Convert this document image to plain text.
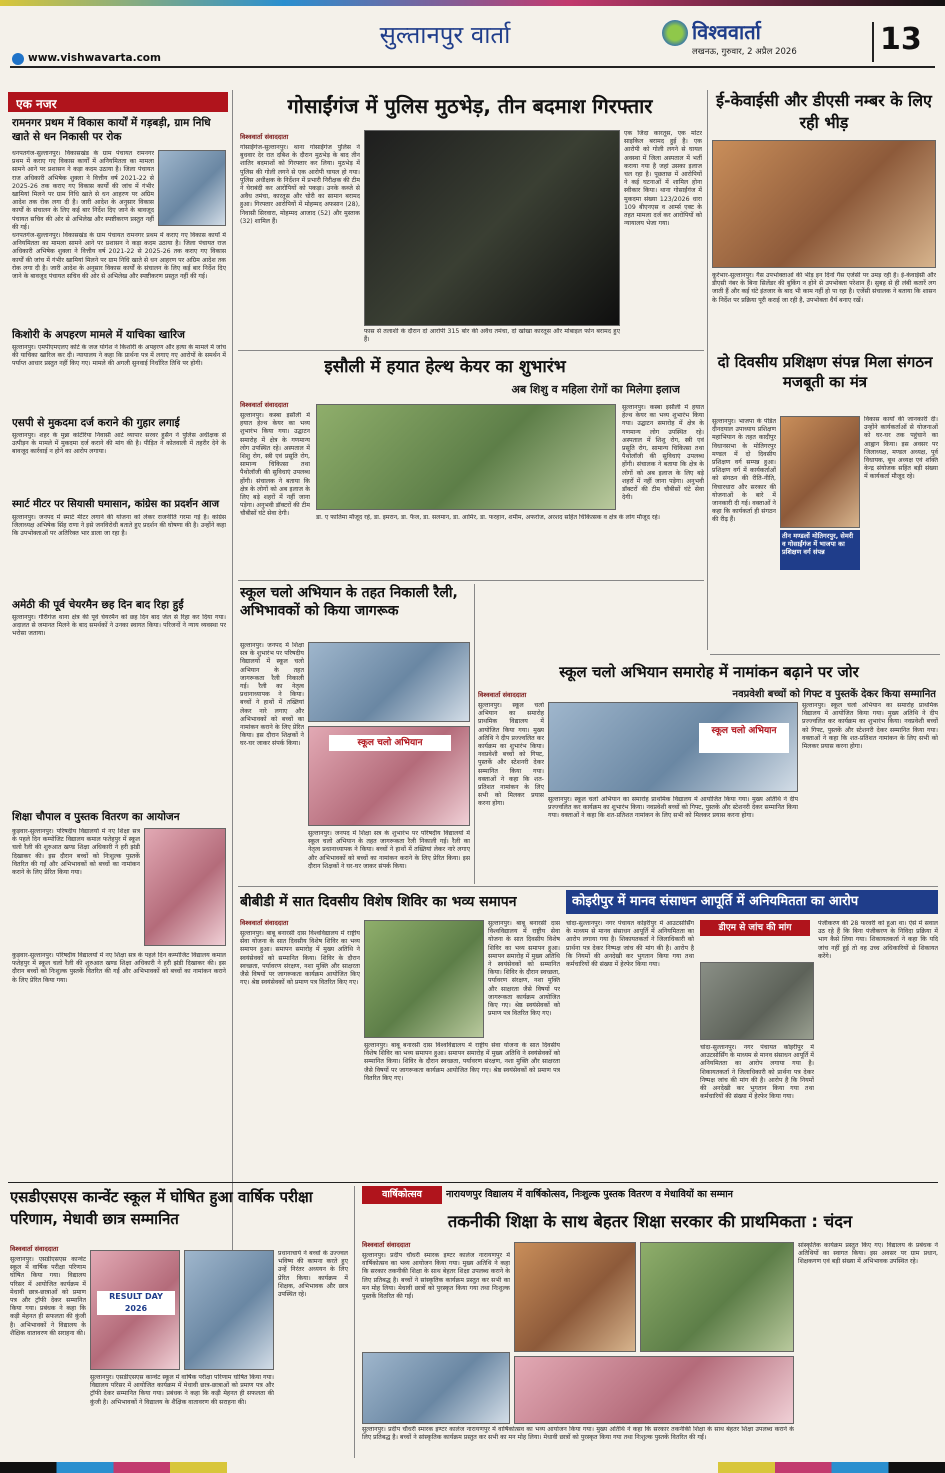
सुल्तानपुर वार्ता
www.vishwavarta.com
विश्ववार्ता
लखनऊ, गुरुवार, 2 अप्रैल 2026	13
एक नजर
रामनगर प्रथम में विकास कार्यों में गड़बड़ी, ग्राम निधि खाते से धन निकासी पर रोक
धनपतगंज-सुल्तानपुर। विकासखंड के ग्राम पंचायत रामनगर प्रथम में कराए गए विकास कार्यों में अनियमितता का मामला सामने आने पर प्रशासन ने कड़ा कदम उठाया है। जिला पंचायत राज अधिकारी अभिषेक शुक्ला ने वित्तीय वर्ष 2021-22 से 2025-26 तक कराए गए विकास कार्यों की जांच में गंभीर खामियां मिलने पर ग्राम निधि खाते से धन आहरण पर अग्रिम आदेश तक रोक लगा दी है। जारी आदेश के अनुसार विकास कार्यों के संचालन के लिए कई बार निर्देश दिए जाने के बावजूद पंचायत सचिव की ओर से अभिलेख और स्पष्टीकरण प्रस्तुत नहीं की गई।
धनपतगंज-सुल्तानपुर। विकासखंड के ग्राम पंचायत रामनगर प्रथम में कराए गए विकास कार्यों में अनियमितता का मामला सामने आने पर प्रशासन ने कड़ा कदम उठाया है। जिला पंचायत राज अधिकारी अभिषेक शुक्ला ने वित्तीय वर्ष 2021-22 से 2025-26 तक कराए गए विकास कार्यों की जांच में गंभीर खामियां मिलने पर ग्राम निधि खाते से धन आहरण पर अग्रिम आदेश तक रोक लगा दी है। जारी आदेश के अनुसार विकास कार्यों के संचालन के लिए कई बार निर्देश दिए जाने के बावजूद पंचायत सचिव की ओर से अभिलेख और स्पष्टीकरण प्रस्तुत नहीं की गई।
किशोरी के अपहरण मामले में याचिका खारिज
सुल्तानपुर। एमपीएमएलए कोर्ट के जज योगेश ने किशोरी के अपहरण और हत्या के मामले में जांच की याचिका खारिज कर दी। न्यायालय ने कहा कि प्रार्थना पत्र में लगाए गए आरोपों के समर्थन में पर्याप्त आधार प्रस्तुत नहीं किए गए। मामले की अगली सुनवाई निर्धारित तिथि पर होगी।
एसपी से मुकदमा दर्ज कराने की गुहार लगाई
सुल्तानपुर। शहर के मुन्ना कांटेरिया निवासी आटे व्यापार सरवर हुसैन ने पुलिस अधीक्षक से उत्पीड़न के मामले में मुकदमा दर्ज कराने की मांग की है। पीड़ित ने कोतवाली में तहरीर देने के बावजूद कार्रवाई न होने का आरोप लगाया।
स्मार्ट मीटर पर सियासी घमासान, कांग्रेस का प्रदर्शन आज
सुल्तानपुर। जनपद में स्मार्ट मीटर लगाने की योजना को लेकर राजनीति गरमा गई है। कांग्रेस जिलाध्यक्ष अभिषेक सिंह राणा ने इसे जनविरोधी बताते हुए प्रदर्शन की घोषणा की है। उन्होंने कहा कि उपभोक्ताओं पर अतिरिक्त भार डाला जा रहा है।
अमेठी की पूर्व चेयरमैन छह दिन बाद रिहा हुईं
सुल्तानपुर। गौरीगंज थाना क्षेत्र की पूर्व चेयरमैन को छह दिन बाद जेल से रिहा कर दिया गया। अदालत से जमानत मिलने के बाद समर्थकों ने उनका स्वागत किया। परिजनों ने न्याय व्यवस्था पर भरोसा जताया।
शिक्षा चौपाल व पुस्तक वितरण का आयोजन
कुड़वार-सुल्तानपुर। परिषदीय विद्यालयों में नए शिक्षा सत्र के पहले दिन कम्पोजिट विद्यालय कमाल फतेहपुर में स्कूल चलो रैली की शुरुआत खण्ड शिक्षा अधिकारी ने हरी झंडी दिखाकर की। इस दौरान बच्चों को निःशुल्क पुस्तकें वितरित की गईं और अभिभावकों को बच्चों का नामांकन कराने के लिए प्रेरित किया गया।
कुड़वार-सुल्तानपुर। परिषदीय विद्यालयों में नए शिक्षा सत्र के पहले दिन कम्पोजिट विद्यालय कमाल फतेहपुर में स्कूल चलो रैली की शुरुआत खण्ड शिक्षा अधिकारी ने हरी झंडी दिखाकर की। इस दौरान बच्चों को निःशुल्क पुस्तकें वितरित की गईं और अभिभावकों को बच्चों का नामांकन कराने के लिए प्रेरित किया गया।
गोसाईंगंज में पुलिस मुठभेड़, तीन बदमाश गिरफ्तार
विश्ववार्ता संवाददाता
गोसाईंगंज-सुल्तानपुर। थाना गोसाईंगंज पुलिस ने बुधवार देर रात दबिश के दौरान मुठभेड़ के बाद तीन शातिर बदमाशों को गिरफ्तार कर लिया। मुठभेड़ में पुलिस की गोली लगने से एक आरोपी घायल हो गया। पुलिस अधीक्षक के निर्देशन में प्रभारी निरीक्षक की टीम ने घेराबंदी कर आरोपियों को पकड़ा। उनके कब्जे से अवैध तमंचा, कारतूस और चोरी का सामान बरामद हुआ। गिरफ्तार आरोपियों में मोहम्मद अफसान (28), निवासी सिरवारा, मोहम्मद आजाद (52) और मुस्ताक (32) शामिल हैं।
एक जिंदा कारतूस, एक मोटर साइकिल बरामद हुई है। एक आरोपी को गोली लगने से घायल अवस्था में जिला अस्पताल में भर्ती कराया गया है जहां उसका इलाज चल रहा है। पूछताछ में आरोपियों ने कई घटनाओं में शामिल होना स्वीकार किया। थाना गोसाईंगंज में मुकदमा संख्या 123/2026 धारा 109 बीएनएस व आर्म्स एक्ट के तहत मामला दर्ज कर आरोपियों को न्यायालय भेजा गया।
फास से तलाशी के दौरान दो आरोपी 315 बोर की अवैध तमंचा, दो खोखा कारतूस और मोबाइल फोन बरामद हुए हैं।
ई-केवाईसी और डीएसी नम्बर के लिए रही भीड़
कूरेभार-सुल्तानपुर। गैस उपभोक्ताओं की भीड़ इन दिनों गैस एजेंसी पर उमड़ रही है। ई-केवाईसी और डीएसी नंबर के बिना सिलेंडर की बुकिंग न होने से उपभोक्ता परेशान हैं। सुबह से ही लंबी कतारें लग जाती हैं और कई घंटे इंतजार के बाद भी काम नहीं हो पा रहा है। एजेंसी संचालक ने बताया कि शासन के निर्देश पर प्रक्रिया पूरी कराई जा रही है, उपभोक्ता धैर्य बनाए रखें।
इसौली में हयात हेल्थ केयर का शुभारंभ
अब शिशु व महिला रोगों का मिलेगा इलाज
विश्ववार्ता संवाददाता
सुल्तानपुर। कस्बा इसौली में हयात हेल्थ केयर का भव्य शुभारंभ किया गया। उद्घाटन समारोह में क्षेत्र के गणमान्य लोग उपस्थित रहे। अस्पताल में शिशु रोग, स्त्री एवं प्रसूति रोग, सामान्य चिकित्सा तथा पैथोलॉजी की सुविधाएं उपलब्ध होंगी। संचालक ने बताया कि क्षेत्र के लोगों को अब इलाज के लिए बड़े शहरों में नहीं जाना पड़ेगा। अनुभवी डॉक्टरों की टीम चौबीसों घंटे सेवा देगी।
सुल्तानपुर। कस्बा इसौली में हयात हेल्थ केयर का भव्य शुभारंभ किया गया। उद्घाटन समारोह में क्षेत्र के गणमान्य लोग उपस्थित रहे। अस्पताल में शिशु रोग, स्त्री एवं प्रसूति रोग, सामान्य चिकित्सा तथा पैथोलॉजी की सुविधाएं उपलब्ध होंगी। संचालक ने बताया कि क्षेत्र के लोगों को अब इलाज के लिए बड़े शहरों में नहीं जाना पड़ेगा। अनुभवी डॉक्टरों की टीम चौबीसों घंटे सेवा देगी।
डा. ए फातिमा मौजूद रहे, डा. इमरान, डा. फैज, डा. सलमान, डा. आमिर, डा. फरहान, शमीम, अफरोज, अरशद सहित चिकित्सक व क्षेत्र के लोग मौजूद रहे।
दो दिवसीय प्रशिक्षण संपन्न मिला संगठन मजबूती का मंत्र
सुल्तानपुर। भाजपा के पंडित दीनदयाल उपाध्याय प्रशिक्षण महाभियान के तहत कादीपुर विधानसभा के मोतिगरपुर मण्डल में दो दिवसीय प्रशिक्षण वर्ग सम्पन्न हुआ। प्रशिक्षण वर्ग में कार्यकर्ताओं को संगठन की रीति-नीति, विचारधारा और सरकार की योजनाओं के बारे में जानकारी दी गई। वक्ताओं ने कहा कि कार्यकर्ता ही संगठन की रीढ़ हैं।
तीन मण्डलों मोतिगरपुर, सेमरी व गोसाईंगंज में भाजपा का प्रशिक्षण वर्ग संपन्न
विकास कार्यों की जानकारी दी। उन्होंने कार्यकर्ताओं से योजनाओं को घर-घर तक पहुंचाने का आह्वान किया। इस अवसर पर जिलाध्यक्ष, मण्डल अध्यक्ष, पूर्व विधायक, बूथ अध्यक्ष एवं शक्ति केन्द्र संयोजक सहित बड़ी संख्या में कार्यकर्ता मौजूद रहे।
स्कूल चलो अभियान के तहत निकाली रैली, अभिभावकों को किया जागरूक
सुल्तानपुर। जनपद में शिक्षा सत्र के शुभारंभ पर परिषदीय विद्यालयों में स्कूल चलो अभियान के तहत जागरूकता रैली निकाली गई। रैली का नेतृत्व प्रधानाध्यापक ने किया। बच्चों ने हाथों में तख्तियां लेकर नारे लगाए और अभिभावकों को बच्चों का नामांकन कराने के लिए प्रेरित किया। इस दौरान शिक्षकों ने घर-घर जाकर संपर्क किया।	स्कूल चलो अभियान
सुल्तानपुर। जनपद में शिक्षा सत्र के शुभारंभ पर परिषदीय विद्यालयों में स्कूल चलो अभियान के तहत जागरूकता रैली निकाली गई। रैली का नेतृत्व प्रधानाध्यापक ने किया। बच्चों ने हाथों में तख्तियां लेकर नारे लगाए और अभिभावकों को बच्चों का नामांकन कराने के लिए प्रेरित किया। इस दौरान शिक्षकों ने घर-घर जाकर संपर्क किया।
स्कूल चलो अभियान समारोह में नामांकन बढ़ाने पर जोर
नवप्रवेशी बच्चों को गिफ्ट व पुस्तकें देकर किया सम्मानित
विश्ववार्ता संवाददाता
सुल्तानपुर। स्कूल चलो अभियान का समारोह प्राथमिक विद्यालय में आयोजित किया गया। मुख्य अतिथि ने दीप प्रज्ज्वलित कर कार्यक्रम का शुभारंभ किया। नवप्रवेशी बच्चों को गिफ्ट, पुस्तकें और स्टेशनरी देकर सम्मानित किया गया। वक्ताओं ने कहा कि शत-प्रतिशत नामांकन के लिए सभी को मिलकर प्रयास करना होगा।
स्कूल चलो अभियान
सुल्तानपुर। स्कूल चलो अभियान का समारोह प्राथमिक विद्यालय में आयोजित किया गया। मुख्य अतिथि ने दीप प्रज्ज्वलित कर कार्यक्रम का शुभारंभ किया। नवप्रवेशी बच्चों को गिफ्ट, पुस्तकें और स्टेशनरी देकर सम्मानित किया गया। वक्ताओं ने कहा कि शत-प्रतिशत नामांकन के लिए सभी को मिलकर प्रयास करना होगा।
सुल्तानपुर। स्कूल चलो अभियान का समारोह प्राथमिक विद्यालय में आयोजित किया गया। मुख्य अतिथि ने दीप प्रज्ज्वलित कर कार्यक्रम का शुभारंभ किया। नवप्रवेशी बच्चों को गिफ्ट, पुस्तकें और स्टेशनरी देकर सम्मानित किया गया। वक्ताओं ने कहा कि शत-प्रतिशत नामांकन के लिए सभी को मिलकर प्रयास करना होगा।
बीबीडी में सात दिवसीय विशेष शिविर का भव्य समापन
विश्ववार्ता संवाददाता
सुल्तानपुर। बाबू बनारसी दास विश्वविद्यालय में राष्ट्रीय सेवा योजना के सात दिवसीय विशेष शिविर का भव्य समापन हुआ। समापन समारोह में मुख्य अतिथि ने स्वयंसेवकों को सम्मानित किया। शिविर के दौरान स्वच्छता, पर्यावरण संरक्षण, नशा मुक्ति और साक्षरता जैसे विषयों पर जागरूकता कार्यक्रम आयोजित किए गए। श्रेष्ठ स्वयंसेवकों को प्रमाण पत्र वितरित किए गए।
सुल्तानपुर। बाबू बनारसी दास विश्वविद्यालय में राष्ट्रीय सेवा योजना के सात दिवसीय विशेष शिविर का भव्य समापन हुआ। समापन समारोह में मुख्य अतिथि ने स्वयंसेवकों को सम्मानित किया। शिविर के दौरान स्वच्छता, पर्यावरण संरक्षण, नशा मुक्ति और साक्षरता जैसे विषयों पर जागरूकता कार्यक्रम आयोजित किए गए। श्रेष्ठ स्वयंसेवकों को प्रमाण पत्र वितरित किए गए।
सुल्तानपुर। बाबू बनारसी दास विश्वविद्यालय में राष्ट्रीय सेवा योजना के सात दिवसीय विशेष शिविर का भव्य समापन हुआ। समापन समारोह में मुख्य अतिथि ने स्वयंसेवकों को सम्मानित किया। शिविर के दौरान स्वच्छता, पर्यावरण संरक्षण, नशा मुक्ति और साक्षरता जैसे विषयों पर जागरूकता कार्यक्रम आयोजित किए गए। श्रेष्ठ स्वयंसेवकों को प्रमाण पत्र वितरित किए गए।
कोइरीपुर में मानव संसाधन आपूर्ति में अनियमितता का आरोप
चांदा-सुल्तानपुर। नगर पंचायत कोइरीपुर में आउटसोर्सिंग के माध्यम से मानव संसाधन आपूर्ति में अनियमितता का आरोप लगाया गया है। शिकायतकर्ता ने जिलाधिकारी को प्रार्थना पत्र देकर निष्पक्ष जांच की मांग की है। आरोप है कि नियमों की अनदेखी कर भुगतान किया गया तथा कर्मचारियों की संख्या में हेरफेर किया गया।
डीएम से जांच की मांग	पंजीकरण की 28 फरवरी को हुआ था। ऐसे में सवाल उठ रहे हैं कि बिना पंजीकरण के निविदा प्रक्रिया में भाग कैसे लिया गया। शिकायतकर्ता ने कहा कि यदि जांच नहीं हुई तो वह उच्च अधिकारियों से शिकायत करेंगे।
चांदा-सुल्तानपुर। नगर पंचायत कोइरीपुर में आउटसोर्सिंग के माध्यम से मानव संसाधन आपूर्ति में अनियमितता का आरोप लगाया गया है। शिकायतकर्ता ने जिलाधिकारी को प्रार्थना पत्र देकर निष्पक्ष जांच की मांग की है। आरोप है कि नियमों की अनदेखी कर भुगतान किया गया तथा कर्मचारियों की संख्या में हेरफेर किया गया।
एसडीएसएस कान्वेंट स्कूल में घोषित हुआ वार्षिक परीक्षा परिणाम, मेधावी छात्र सम्मानित
विश्ववार्ता संवाददाता
सुल्तानपुर। एसडीएसएस कान्वेंट स्कूल में वार्षिक परीक्षा परिणाम घोषित किया गया। विद्यालय परिसर में आयोजित कार्यक्रम में मेधावी छात्र-छात्राओं को प्रमाण पत्र और ट्रॉफी देकर सम्मानित किया गया। प्रबंधक ने कहा कि कड़ी मेहनत ही सफलता की कुंजी है। अभिभावकों ने विद्यालय के शैक्षिक वातावरण की सराहना की।
RESULT DAY 2026
प्रधानाचार्य ने बच्चों के उज्ज्वल भविष्य की कामना करते हुए उन्हें निरंतर अध्ययन के लिए प्रेरित किया। कार्यक्रम में शिक्षक, अभिभावक और छात्र उपस्थित रहे।
सुल्तानपुर। एसडीएसएस कान्वेंट स्कूल में वार्षिक परीक्षा परिणाम घोषित किया गया। विद्यालय परिसर में आयोजित कार्यक्रम में मेधावी छात्र-छात्राओं को प्रमाण पत्र और ट्रॉफी देकर सम्मानित किया गया। प्रबंधक ने कहा कि कड़ी मेहनत ही सफलता की कुंजी है। अभिभावकों ने विद्यालय के शैक्षिक वातावरण की सराहना की।
वार्षिकोत्सव	नारायणपुर विद्यालय में वार्षिकोत्सव, निःशुल्क पुस्तक वितरण व मेधावियों का सम्मान
तकनीकी शिक्षा के साथ बेहतर शिक्षा सरकार की प्राथमिकता : चंदन
विश्ववार्ता संवाददाता
सुल्तानपुर। प्रदीप चौधरी स्मारक इण्टर कालेज नारायणपुर में वार्षिकोत्सव का भव्य आयोजन किया गया। मुख्य अतिथि ने कहा कि सरकार तकनीकी शिक्षा के साथ बेहतर शिक्षा उपलब्ध कराने के लिए प्रतिबद्ध है। बच्चों ने सांस्कृतिक कार्यक्रम प्रस्तुत कर सभी का मन मोह लिया। मेधावी छात्रों को पुरस्कृत किया गया तथा निःशुल्क पुस्तकें वितरित की गईं।
सांस्कृतिक कार्यक्रम प्रस्तुत किए गए। विद्यालय के प्रबंधक ने अतिथियों का स्वागत किया। इस अवसर पर ग्राम प्रधान, शिक्षकगण एवं बड़ी संख्या में अभिभावक उपस्थित रहे।
सुल्तानपुर। प्रदीप चौधरी स्मारक इण्टर कालेज नारायणपुर में वार्षिकोत्सव का भव्य आयोजन किया गया। मुख्य अतिथि ने कहा कि सरकार तकनीकी शिक्षा के साथ बेहतर शिक्षा उपलब्ध कराने के लिए प्रतिबद्ध है। बच्चों ने सांस्कृतिक कार्यक्रम प्रस्तुत कर सभी का मन मोह लिया। मेधावी छात्रों को पुरस्कृत किया गया तथा निःशुल्क पुस्तकें वितरित की गईं।
